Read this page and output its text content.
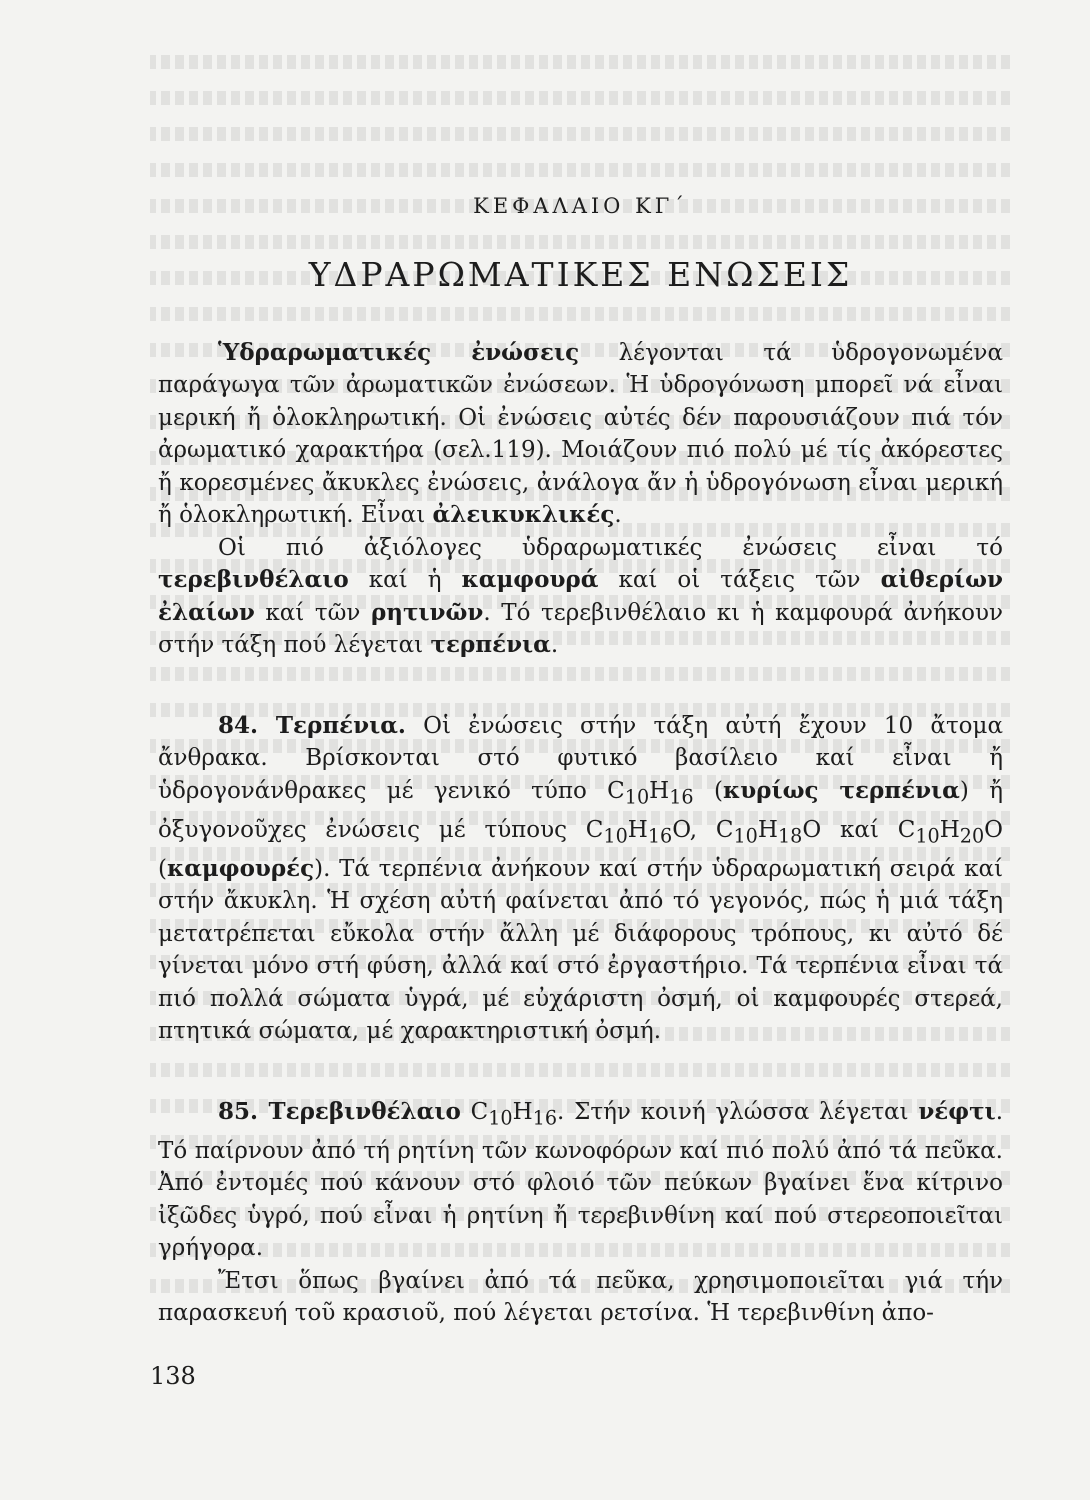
ΚΕΦΑΛΑΙΟ ΚΓ΄
ΥΔΡΑΡΩΜΑΤΙΚΕΣ ΕΝΩΣΕΙΣ

Ὑδραρωματικές ἐνώσεις λέγονται τά ὑδρογονωμένα παράγωγα τῶν ἀρωματικῶν ἐνώσεων. Ἡ ὑδρογόνωση μπορεῖ νά εἶναι μερική ἤ ὁλοκληρωτική. Οἱ ἐνώσεις αὐτές δέν παρουσιάζουν πιά τόν ἀρωματικό χαρακτήρα (σελ.119). Μοιάζουν πιό πολύ μέ τίς ἀκόρεστες ἤ κορεσμένες ἄκυκλες ἐνώσεις, ἀνάλογα ἄν ἡ ὑδρογόνωση εἶναι μερική ἤ ὁλοκληρωτική. Εἶναι ἀλεικυκλικές.

Οἱ πιό ἀξιόλογες ὑδραρωματικές ἐνώσεις εἶναι τό τερεβινθέλαιο καί ἡ καμφουρά καί οἱ τάξεις τῶν αἰθερίων ἐλαίων καί τῶν ρητινῶν. Τό τερεβινθέλαιο κι ἡ καμφουρά ἀνήκουν στήν τάξη πού λέγεται τερπένια.

84. Τερπένια. Οἱ ἐνώσεις στήν τάξη αὐτή ἔχουν 10 ἄτομα ἄνθρακα. Βρίσκονται στό φυτικό βασίλειο καί εἶναι ἤ ὑδρογονάνθρακες μέ γενικό τύπο $C_{10}H_{16}$ (κυρίως τερπένια) ἤ ὀξυγονοῦχες ἐνώσεις μέ τύπους $C_{10}H_{16}O$, $C_{10}H_{18}O$ καί $C_{10}H_{20}O$ (καμφουρές). Τά τερπένια ἀνήκουν καί στήν ὑδραρωματική σειρά καί στήν ἄκυκλη. Ἡ σχέση αὐτή φαίνεται ἀπό τό γεγονός, πώς ἡ μιά τάξη μετατρέπεται εὔκολα στήν ἄλλη μέ διάφορους τρόπους, κι αὐτό δέ γίνεται μόνο στή φύση, ἀλλά καί στό ἐργαστήριο. Τά τερπένια εἶναι τά πιό πολλά σώματα ὑγρά, μέ εὐχάριστη ὀσμή, οἱ καμφουρές στερεά, πτητικά σώματα, μέ χαρακτηριστική ὀσμή.

85. Τερεβινθέλαιο $C_{10}H_{16}$. Στήν κοινή γλώσσα λέγεται νέφτι. Τό παίρνουν ἀπό τή ρητίνη τῶν κωνοφόρων καί πιό πολύ ἀπό τά πεῦκα. Ἀπό ἐντομές πού κάνουν στό φλοιό τῶν πεύκων βγαίνει ἕνα κίτρινο ἰξῶδες ὑγρό, πού εἶναι ἡ ρητίνη ἤ τερεβινθίνη καί πού στερεοποιεῖται γρήγορα.

Ἔτσι ὅπως βγαίνει ἀπό τά πεῦκα, χρησιμοποιεῖται γιά τήν παρασκευή τοῦ κρασιοῦ, πού λέγεται ρετσίνα. Ἡ τερεβινθίνη ἀπο-

138
